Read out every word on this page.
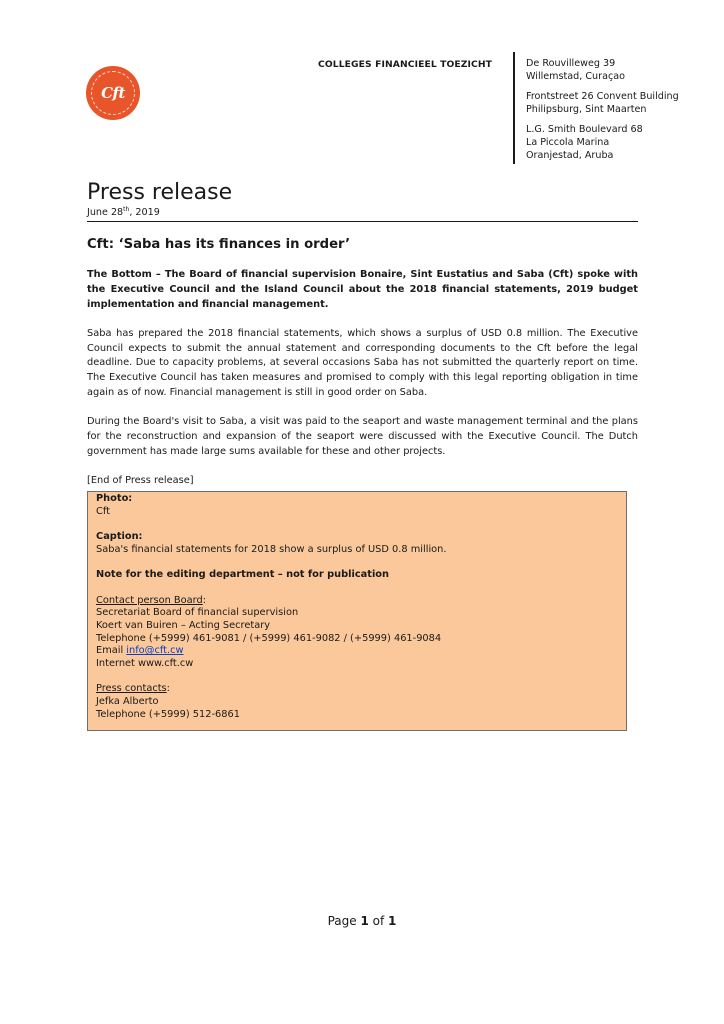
Cft
COLLEGES FINANCIEEL TOEZICHT	De Rouvilleweg 39
Willemstad, Curaçao
Frontstreet 26 Convent Building
Philipsburg, Sint Maarten
L.G. Smith Boulevard 68
La Piccola Marina
Oranjestad, Aruba
Press release
June 28th, 2019
Cft: ‘Saba has its finances in order’

The Bottom – The Board of financial supervision Bonaire, Sint Eustatius and Saba (Cft) spoke with the Executive Council and the Island Council about the 2018 financial statements, 2019 budget implementation and financial management.

Saba has prepared the 2018 financial statements, which shows a surplus of USD 0.8 million. The Executive Council expects to submit the annual statement and corresponding documents to the Cft before the legal deadline. Due to capacity problems, at several occasions Saba has not submitted the quarterly report on time. The Executive Council has taken measures and promised to comply with this legal reporting obligation in time again as of now. Financial management is still in good order on Saba.

During the Board's visit to Saba, a visit was paid to the seaport and waste management terminal and the plans for the reconstruction and expansion of the seaport were discussed with the Executive Council. The Dutch government has made large sums available for these and other projects.

[End of Press release]

Photo:
Cft
Caption:
Saba's financial statements for 2018 show a surplus of USD 0.8 million.
Note for the editing department – not for publication
Contact person Board:
Secretariat Board of financial supervision
Koert van Buiren – Acting Secretary
Telephone (+5999) 461-9081 / (+5999) 461-9082 / (+5999) 461-9084
Email info@cft.cw
Internet www.cft.cw
Press contacts:
Jefka Alberto
Telephone (+5999) 512-6861
Page 1 of 1
